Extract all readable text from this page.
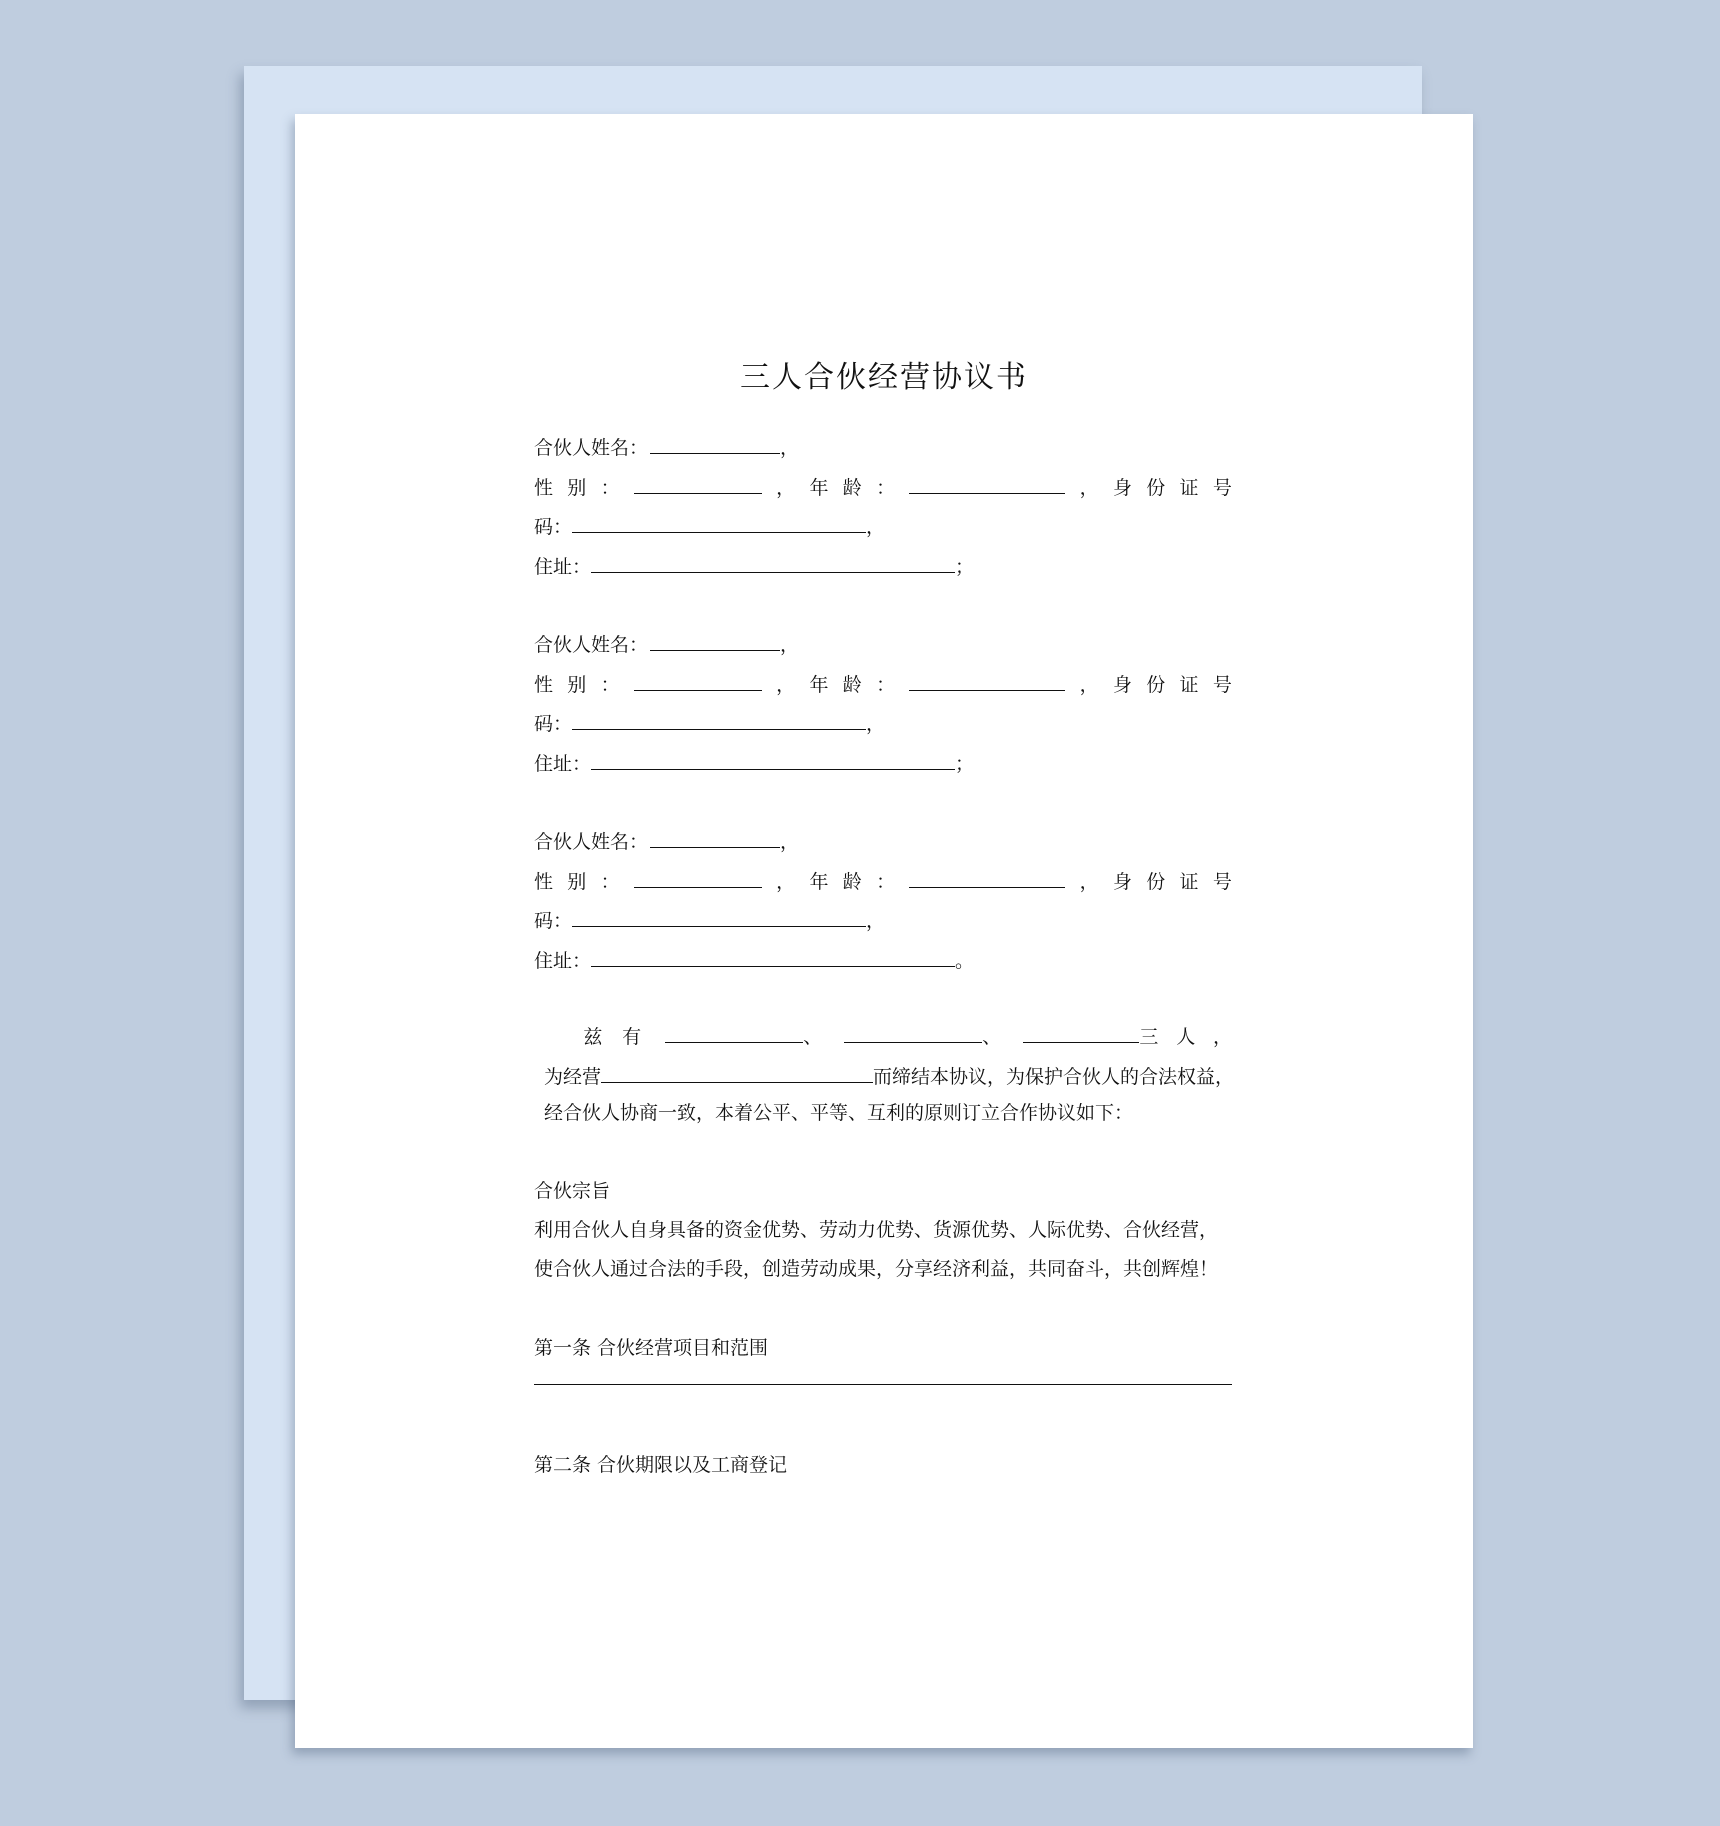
三人合伙经营协议书
合伙人姓名：	，
性 别 ：	， 年 龄 ：	， 身 份 证 号
码：	，
住址：	；
合伙人姓名：	，
性 别 ：	， 年 龄 ：	， 身 份 证 号
码：	，
住址：	；
合伙人姓名：	，
性 别 ：	， 年 龄 ：	， 身 份 证 号
码：	，
住址：	。
兹 有	、	、	三 人 ，
为经营	而缔结本协议，为保护合伙人的合法权益，
经合伙人协商一致，本着公平、平等、互利的原则订立合作协议如下：
合伙宗旨
利用合伙人自身具备的资金优势、劳动力优势、货源优势、人际优势、合伙经营，
使合伙人通过合法的手段，创造劳动成果，分享经济利益，共同奋斗，共创辉煌！
第一条 合伙经营项目和范围
第二条 合伙期限以及工商登记
